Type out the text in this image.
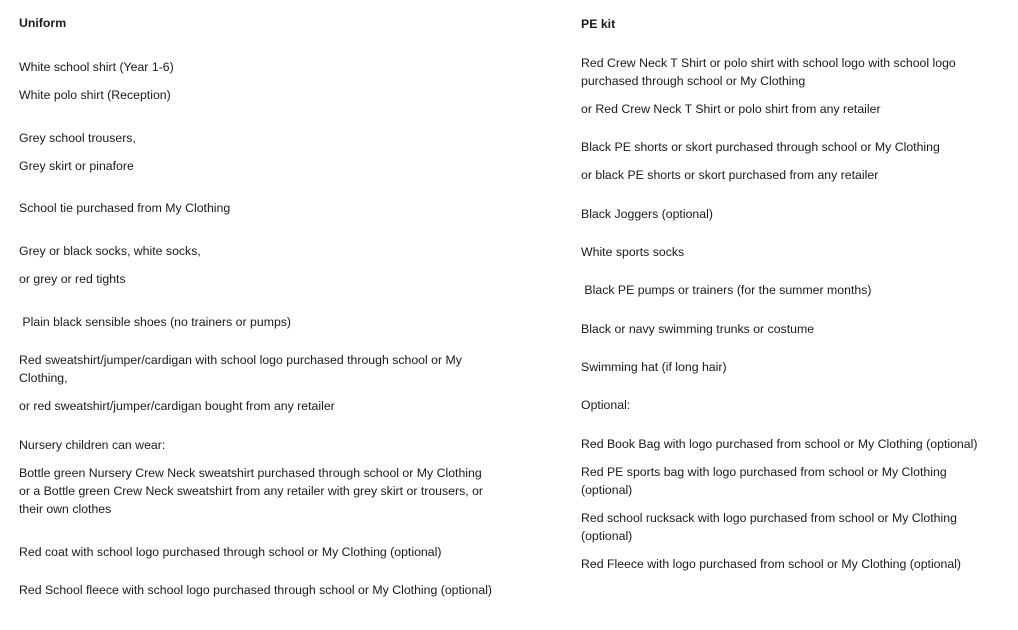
Uniform

White school shirt (Year 1-6)

White polo shirt (Reception)

Grey school trousers,

Grey skirt or pinafore

School tie purchased from My Clothing

Grey or black socks, white socks,

or grey or red tights

Plain black sensible shoes (no trainers or pumps)

Red sweatshirt/jumper/cardigan with school logo purchased through school or My Clothing,

or red sweatshirt/jumper/cardigan bought from any retailer

Nursery children can wear:

Bottle green Nursery Crew Neck sweatshirt purchased through school or My Clothing    or a Bottle green Crew Neck sweatshirt from any retailer with grey skirt or trousers, or their own clothes

Red coat with school logo purchased through school or My Clothing (optional)

Red School fleece with school logo purchased through school or My Clothing (optional)

PE kit

Red Crew Neck T Shirt or polo shirt with school logo with school logo purchased through school or My Clothing

or Red Crew Neck T Shirt or polo shirt from any retailer

Black PE shorts or skort purchased through school or My Clothing

or black PE shorts or skort purchased from any retailer

Black Joggers (optional)

White sports socks

Black PE pumps or trainers (for the summer months)

Black or navy swimming trunks or costume

Swimming hat (if long hair)

Optional:

Red Book Bag with logo purchased from school or My Clothing (optional)

Red PE sports bag with logo purchased from school or My Clothing (optional)

Red school rucksack with logo purchased from school or My Clothing (optional)

Red Fleece with logo purchased from school or My Clothing (optional)
